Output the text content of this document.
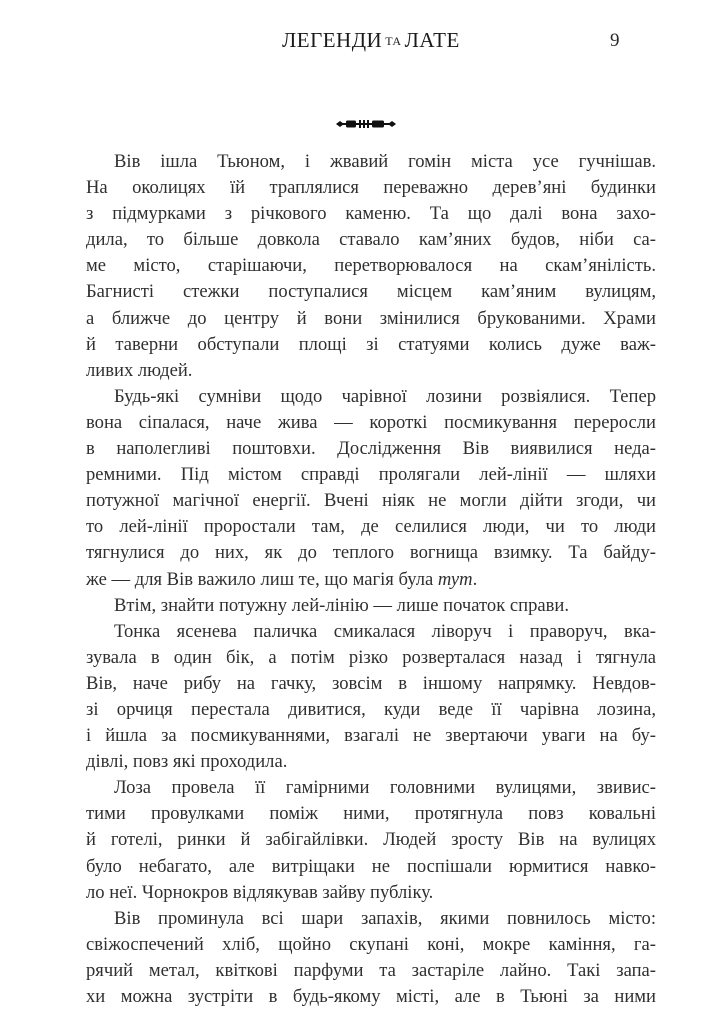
ЛЕГЕНДИ ТА ЛАТЕ	9
Вів ішла Тьюном, і жвавий гомін міста усе гучнішав.
На околицях їй траплялися переважно дерев’яні будинки
з підмурками з річкового каменю. Та що далі вона захо-
дила, то більше довкола ставало кам’яних будов, ніби са-
ме місто, старішаючи, перетворювалося на скам’янілість.
Багнисті стежки поступалися місцем кам’яним вулицям,
а ближче до центру й вони змінилися брукованими. Храми
й таверни обступали площі зі статуями колись дуже важ-
ливих людей.
Будь-які сумніви щодо чарівної лозини розвіялися. Тепер
вона сіпалася, наче жива — короткі посмикування переросли
в наполегливі поштовхи. Дослідження Вів виявилися неда-
ремними. Під містом справді пролягали лей-лінії — шляхи
потужної магічної енергії. Вчені ніяк не могли дійти згоди, чи
то лей-лінії проростали там, де селилися люди, чи то люди
тягнулися до них, як до теплого вогнища взимку. Та байду-
же — для Вів важило лиш те, що магія була тут.
Втім, знайти потужну лей-лінію — лише початок справи.
Тонка ясенева паличка смикалася ліворуч і праворуч, вка-
зувала в один бік, а потім різко розверталася назад і тягнула
Вів, наче рибу на гачку, зовсім в іншому напрямку. Невдов-
зі орчиця перестала дивитися, куди веде її чарівна лозина,
і йшла за посмикуваннями, взагалі не звертаючи уваги на бу-
дівлі, повз які проходила.
Лоза провела її гамірними головними вулицями, звивис-
тими провулками поміж ними, протягнула повз ковальні
й готелі, ринки й забігайлівки. Людей зросту Вів на вулицях
було небагато, але витріщаки не поспішали юрмитися навко-
ло неї. Чорнокров відлякував зайву публіку.
Вів проминула всі шари запахів, якими повнилось місто:
свіжоспечений хліб, щойно скупані коні, мокре каміння, га-
рячий метал, квіткові парфуми та застаріле лайно. Такі запа-
хи можна зустріти в будь-якому місті, але в Тьюні за ними
